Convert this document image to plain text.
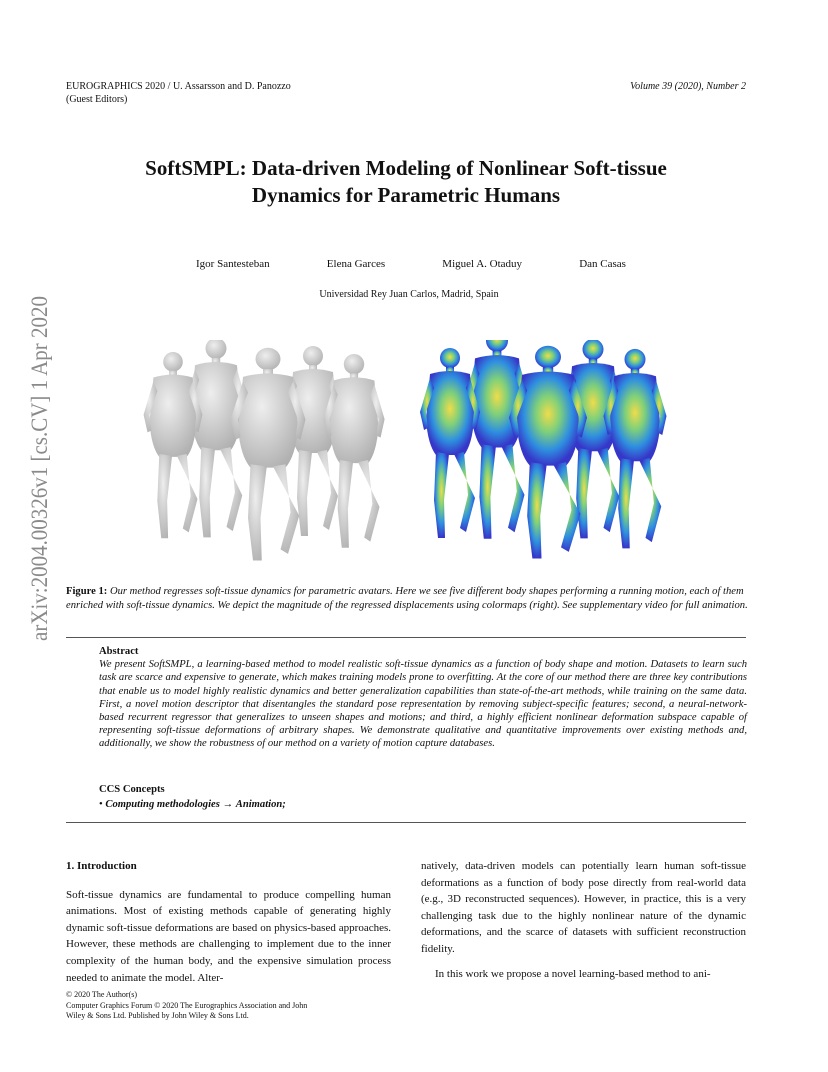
EUROGRAPHICS 2020 / U. Assarsson and D. Panozzo
(Guest Editors)
Volume 39 (2020), Number 2
SoftSMPL: Data-driven Modeling of Nonlinear Soft-tissue
Dynamics for Parametric Humans
Igor Santesteban	Elena Garces	Miguel A. Otaduy	Dan Casas
Universidad Rey Juan Carlos, Madrid, Spain
arXiv:2004.00326v1 [cs.CV] 1 Apr 2020 Figure 1: Our method regresses soft-tissue dynamics for parametric avatars. Here we see five different body shapes performing a running motion, each of them enriched with soft-tissue dynamics. We depict the magnitude of the regressed displacements using colormaps (right). See supplementary video for full animation.
Abstract
We present SoftSMPL, a learning-based method to model realistic soft-tissue dynamics as a function of body shape and motion. Datasets to learn such task are scarce and expensive to generate, which makes training models prone to overfitting. At the core of our method there are three key contributions that enable us to model highly realistic dynamics and better generalization capabilities than state-of-the-art methods, while training on the same data. First, a novel motion descriptor that disentangles the standard pose representation by removing subject-specific features; second, a neural-network-based recurrent regressor that generalizes to unseen shapes and motions; and third, a highly efficient nonlinear deformation subspace capable of representing soft-tissue deformations of arbitrary shapes. We demonstrate qualitative and quantitative improvements over existing methods and, additionally, we show the robustness of our method on a variety of motion capture databases.
CCS Concepts
• Computing methodologies → Animation;
1. Introduction

Soft-tissue dynamics are fundamental to produce compelling human animations. Most of existing methods capable of generating highly dynamic soft-tissue deformations are based on physics-based approaches. However, these methods are challenging to implement due to the inner complexity of the human body, and the expensive simulation process needed to animate the model. Alter-

natively, data-driven models can potentially learn human soft-tissue deformations as a function of body pose directly from real-world data (e.g., 3D reconstructed sequences). However, in practice, this is a very challenging task due to the highly nonlinear nature of the dynamic deformations, and the scarce of datasets with sufficient reconstruction fidelity.

In this work we propose a novel learning-based method to ani-

© 2020 The Author(s)
Computer Graphics Forum © 2020 The Eurographics Association and John
Wiley & Sons Ltd. Published by John Wiley & Sons Ltd.
